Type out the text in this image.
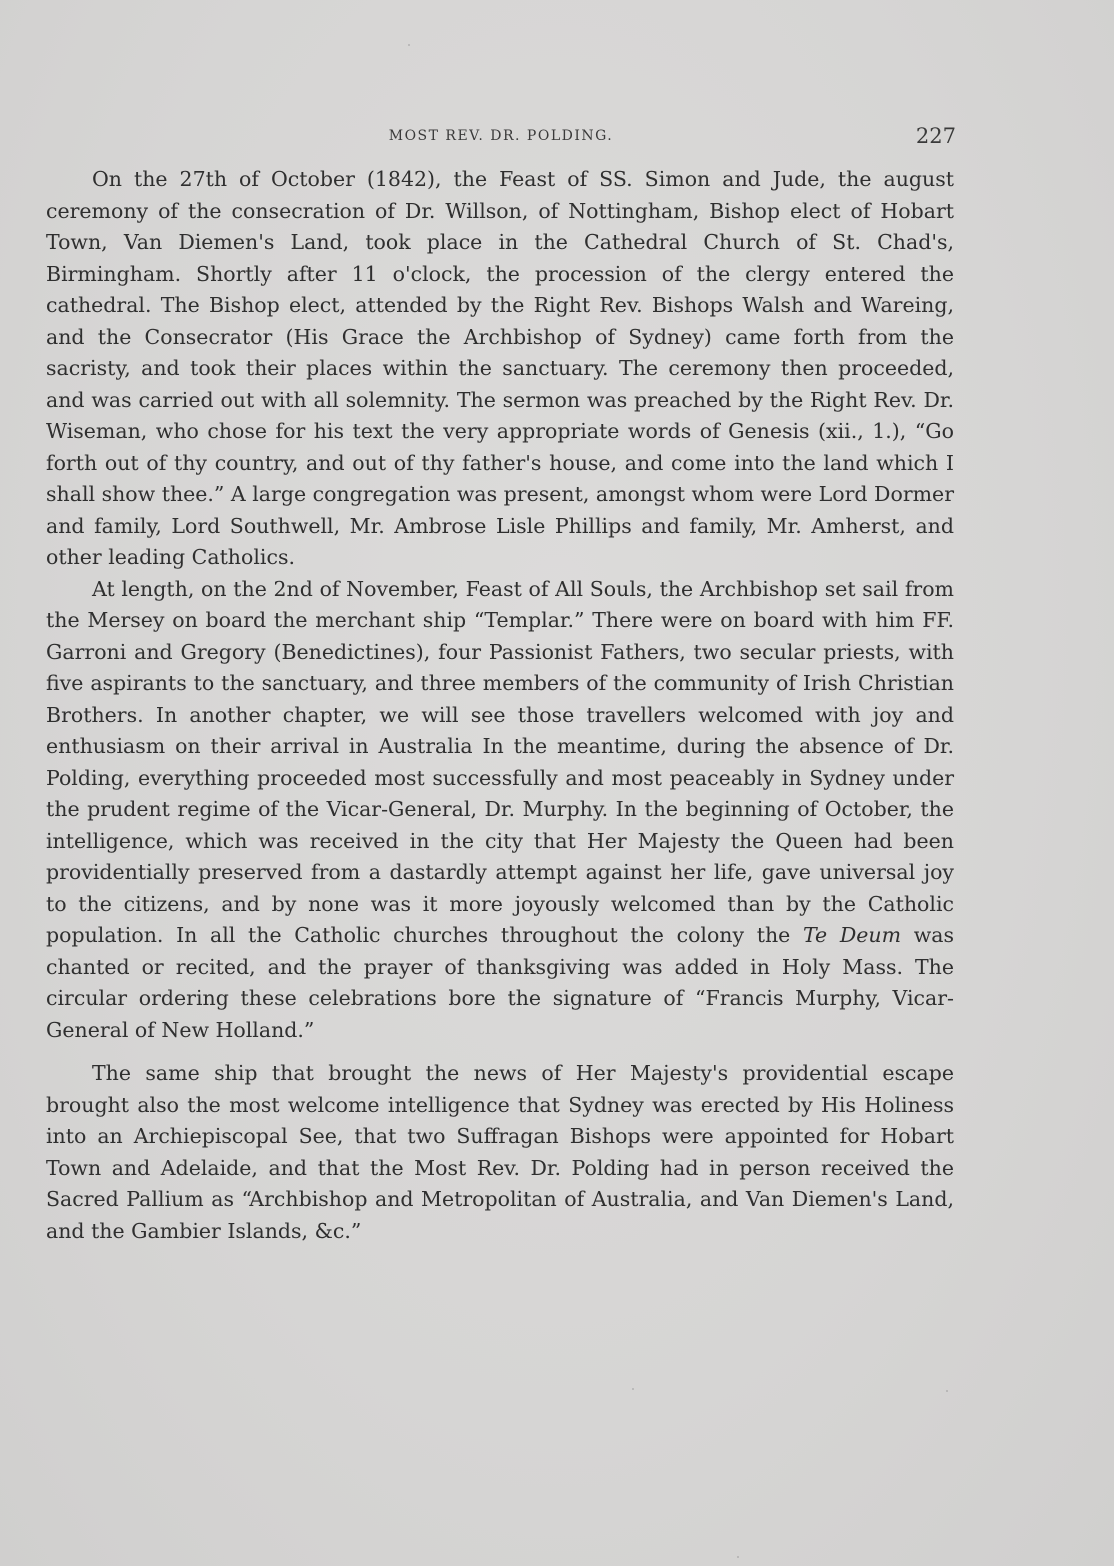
MOST REV. DR. POLDING.	227

On the 27th of October (1842), the Feast of SS. Simon and Jude, the august ceremony of the consecration of Dr. Willson, of Nottingham, Bishop elect of Hobart Town, Van Diemen's Land, took place in the Cathedral Church of St. Chad's, Birmingham. Shortly after 11 o'clock, the procession of the clergy entered the cathedral. The Bishop elect, attended by the Right Rev. Bishops Walsh and Wareing, and the Consecrator (His Grace the Archbishop of Sydney) came forth from the sacristy, and took their places within the sanctuary. The ceremony then proceeded, and was carried out with all solemnity. The sermon was preached by the Right Rev. Dr. Wiseman, who chose for his text the very appropriate words of Genesis (xii., 1.), “Go forth out of thy country, and out of thy father's house, and come into the land which I shall show thee.” A large congregation was present, amongst whom were Lord Dormer and family, Lord Southwell, Mr. Ambrose Lisle Phillips and family, Mr. Amherst, and other leading Catholics.

At length, on the 2nd of November, Feast of All Souls, the Archbishop set sail from the Mersey on board the merchant ship “Templar.” There were on board with him FF. Garroni and Gregory (Benedictines), four Passionist Fathers, two secular priests, with five aspirants to the sanctuary, and three members of the community of Irish Christian Brothers. In another chapter, we will see those travellers welcomed with joy and enthusiasm on their arrival in Australia In the meantime, during the absence of Dr. Polding, everything proceeded most successfully and most peaceably in Sydney under the prudent regime of the Vicar-General, Dr. Murphy. In the beginning of October, the intelligence, which was received in the city that Her Majesty the Queen had been providentially preserved from a dastardly attempt against her life, gave universal joy to the citizens, and by none was it more joyously welcomed than by the Catholic population. In all the Catholic churches throughout the colony the Te Deum was chanted or recited, and the prayer of thanksgiving was added in Holy Mass. The circular ordering these celebrations bore the signature of “Francis Murphy, Vicar-General of New Holland.”

The same ship that brought the news of Her Majesty's providential escape brought also the most welcome intelligence that Sydney was erected by His Holiness into an Archiepiscopal See, that two Suffragan Bishops were appointed for Hobart Town and Adelaide, and that the Most Rev. Dr. Polding had in person received the Sacred Pallium as “Archbishop and Metropolitan of Australia, and Van Diemen's Land, and the Gambier Islands, &c.”
